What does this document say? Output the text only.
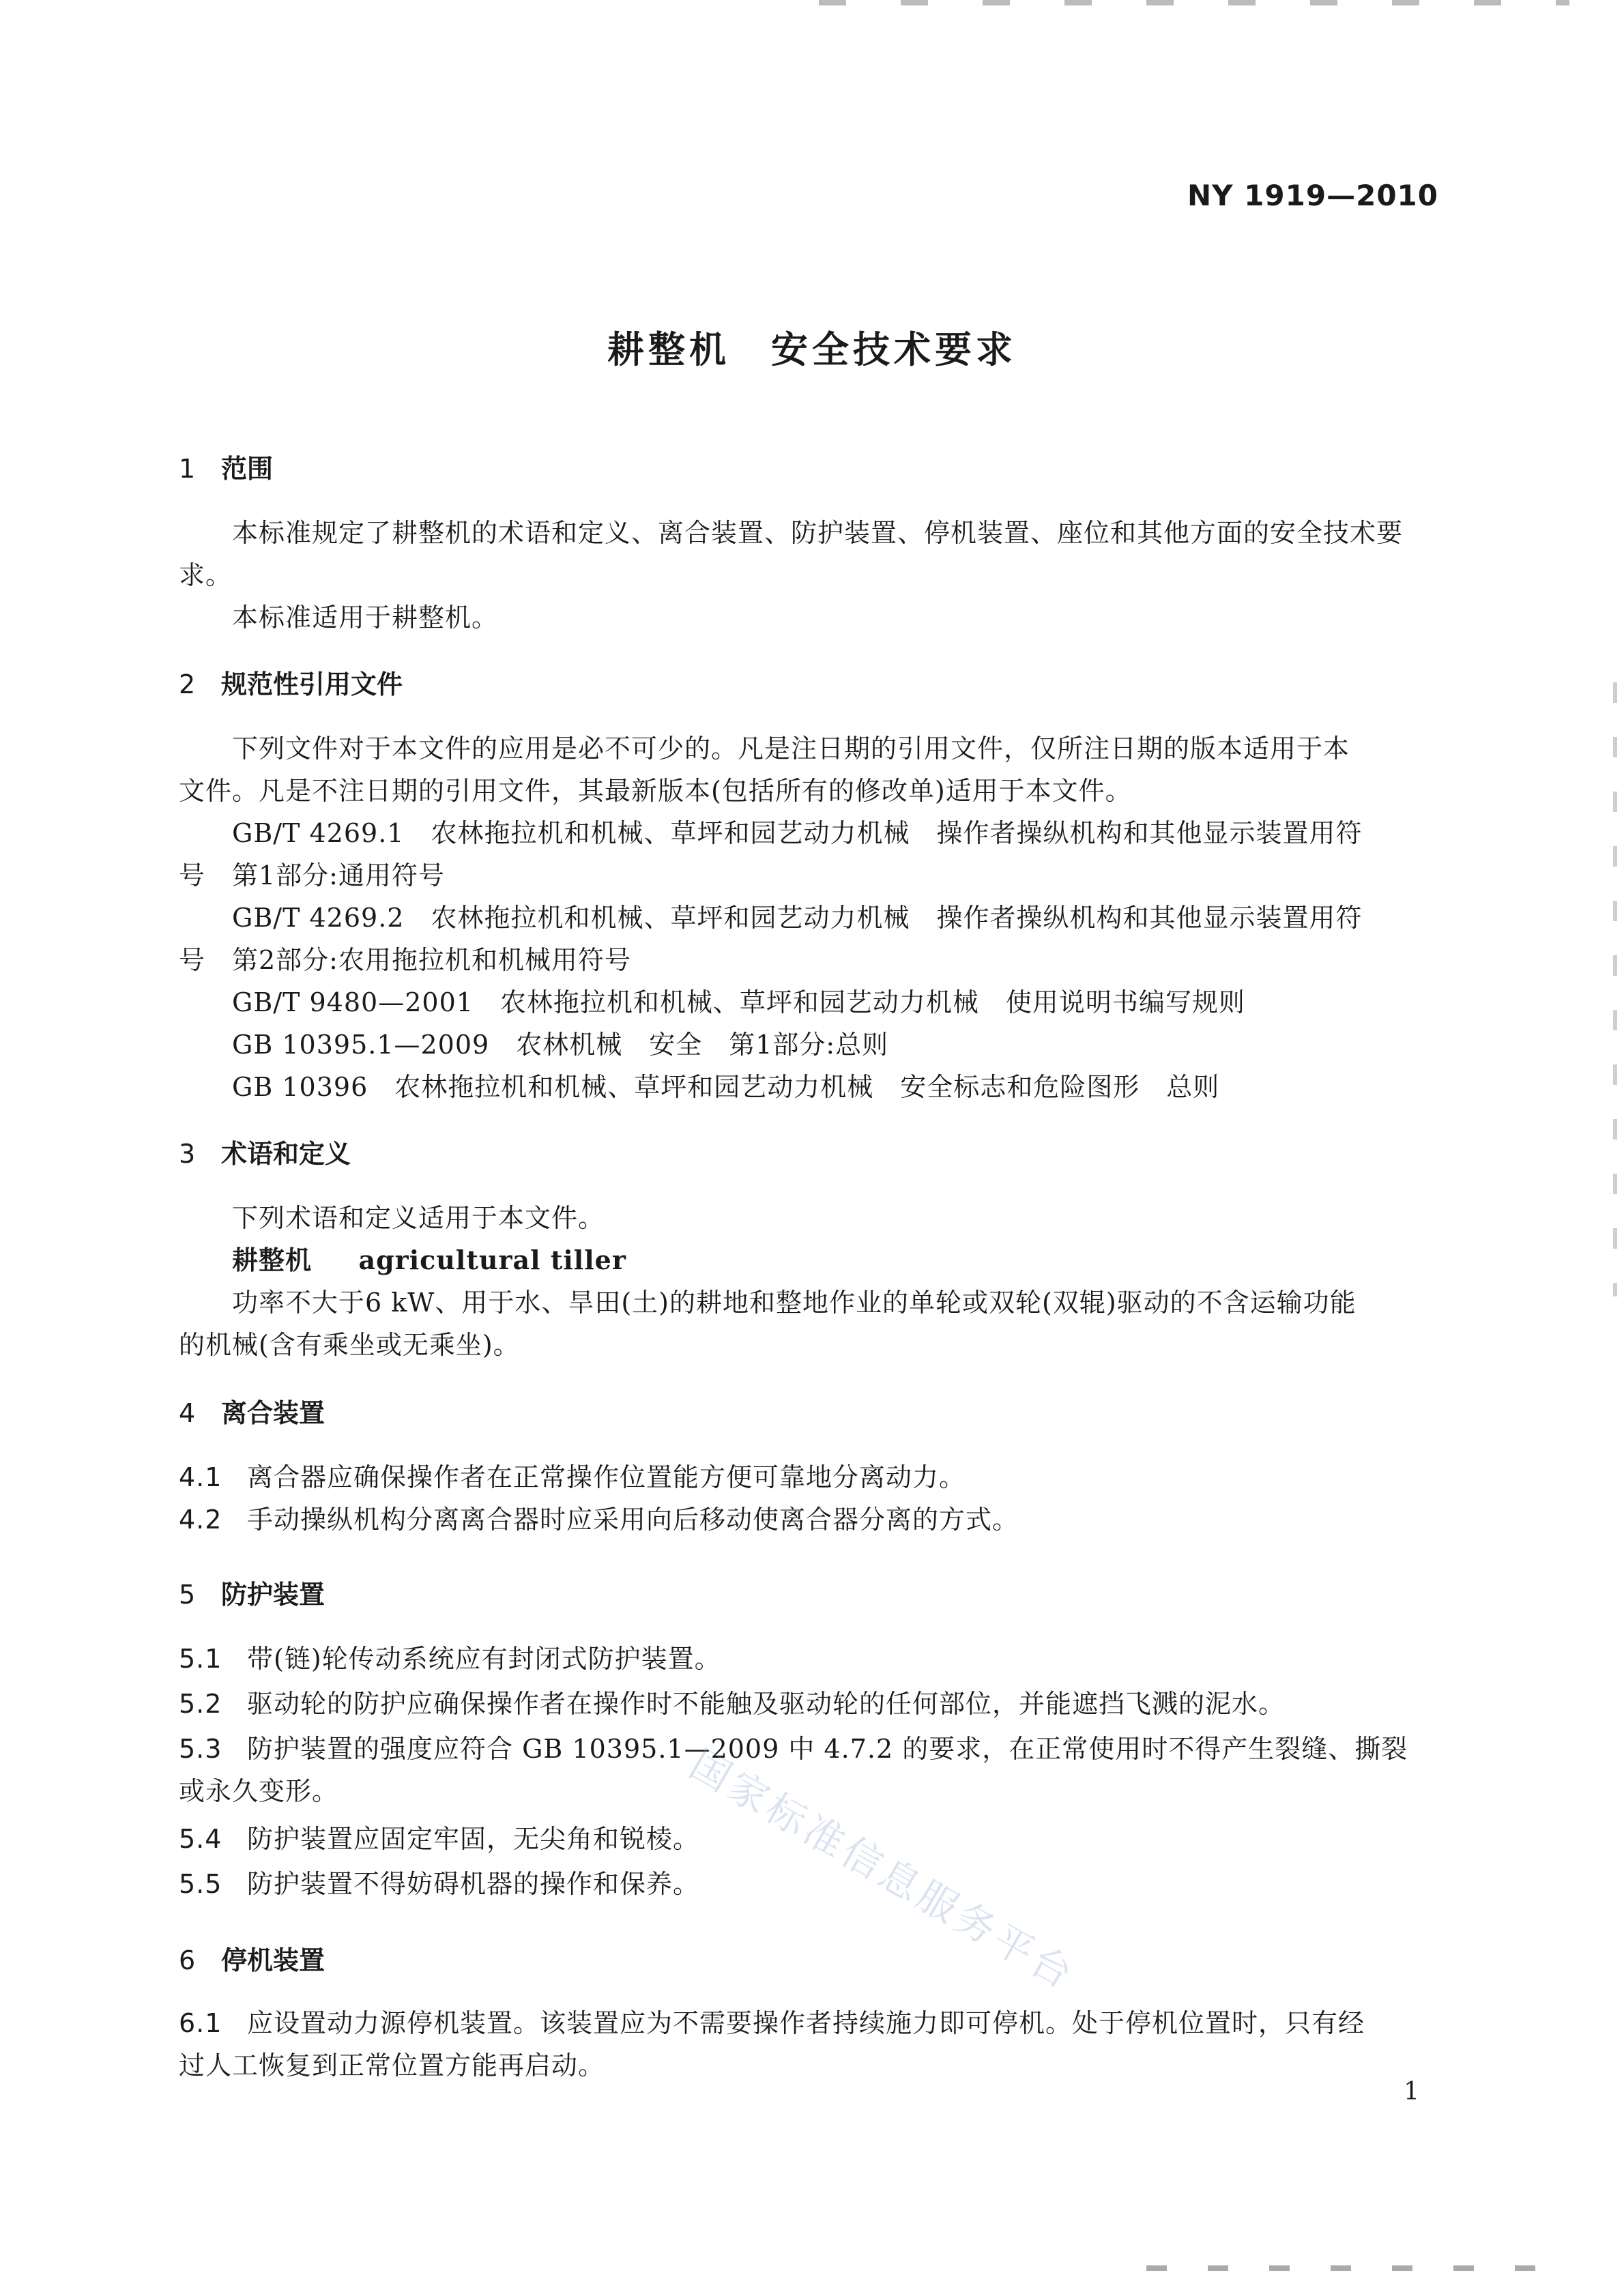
NY 1919—2010
耕整机　安全技术要求
1 范围
本标准规定了耕整机的术语和定义、离合装置、防护装置、停机装置、座位和其他方面的安全技术要
求。
本标准适用于耕整机。
2 规范性引用文件
下列文件对于本文件的应用是必不可少的。凡是注日期的引用文件，仅所注日期的版本适用于本
文件。凡是不注日期的引用文件，其最新版本(包括所有的修改单)适用于本文件。
GB/T 4269.1　农林拖拉机和机械、草坪和园艺动力机械　操作者操纵机构和其他显示装置用符
号　第1部分:通用符号
GB/T 4269.2　农林拖拉机和机械、草坪和园艺动力机械　操作者操纵机构和其他显示装置用符
号　第2部分:农用拖拉机和机械用符号
GB/T 9480—2001　农林拖拉机和机械、草坪和园艺动力机械　使用说明书编写规则
GB 10395.1—2009　农林机械　安全　第1部分:总则
GB 10396　农林拖拉机和机械、草坪和园艺动力机械　安全标志和危险图形　总则
3 术语和定义
下列术语和定义适用于本文件。
耕整机 agricultural tiller
功率不大于6 kW、用于水、旱田(土)的耕地和整地作业的单轮或双轮(双辊)驱动的不含运输功能
的机械(含有乘坐或无乘坐)。
4 离合装置
4.1 离合器应确保操作者在正常操作位置能方便可靠地分离动力。
4.2 手动操纵机构分离离合器时应采用向后移动使离合器分离的方式。
5 防护装置
5.1 带(链)轮传动系统应有封闭式防护装置。
5.2 驱动轮的防护应确保操作者在操作时不能触及驱动轮的任何部位，并能遮挡飞溅的泥水。
5.3 防护装置的强度应符合 GB 10395.1—2009 中 4.7.2 的要求，在正常使用时不得产生裂缝、撕裂
或永久变形。
5.4 防护装置应固定牢固，无尖角和锐棱。
5.5 防护装置不得妨碍机器的操作和保养。
6 停机装置
6.1 应设置动力源停机装置。该装置应为不需要操作者持续施力即可停机。处于停机位置时，只有经
过人工恢复到正常位置方能再启动。
国家标准信息服务平台
1
